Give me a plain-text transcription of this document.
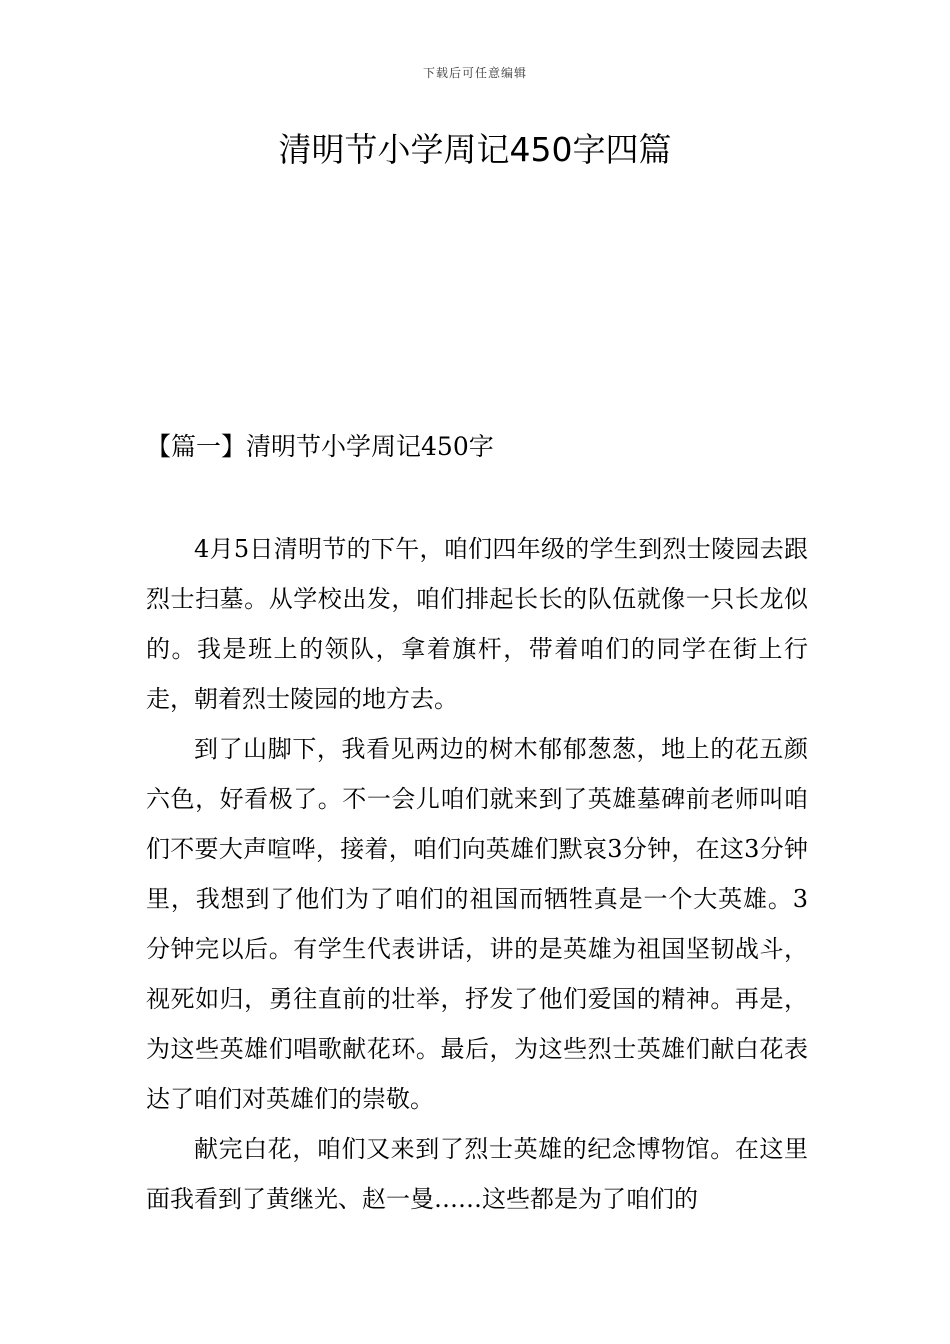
下载后可任意编辑
清明节小学周记450字四篇
【篇一】清明节小学周记450字

4月5日清明节的下午，咱们四年级的学生到烈士陵园去跟烈士扫墓。从学校出发，咱们排起长长的队伍就像一只长龙似的。我是班上的领队，拿着旗杆，带着咱们的同学在街上行走，朝着烈士陵园的地方去。

到了山脚下，我看见两边的树木郁郁葱葱，地上的花五颜六色，好看极了。不一会儿咱们就来到了英雄墓碑前老师叫咱们不要大声喧哗，接着，咱们向英雄们默哀3分钟，在这3分钟里，我想到了他们为了咱们的祖国而牺牲真是一个大英雄。3分钟完以后。有学生代表讲话，讲的是英雄为祖国坚韧战斗，视死如归，勇往直前的壮举，抒发了他们爱国的精神。再是，为这些英雄们唱歌献花环。最后，为这些烈士英雄们献白花表达了咱们对英雄们的崇敬。

献完白花，咱们又来到了烈士英雄的纪念博物馆。在这里面我看到了黄继光、赵一曼……这些都是为了咱们的
